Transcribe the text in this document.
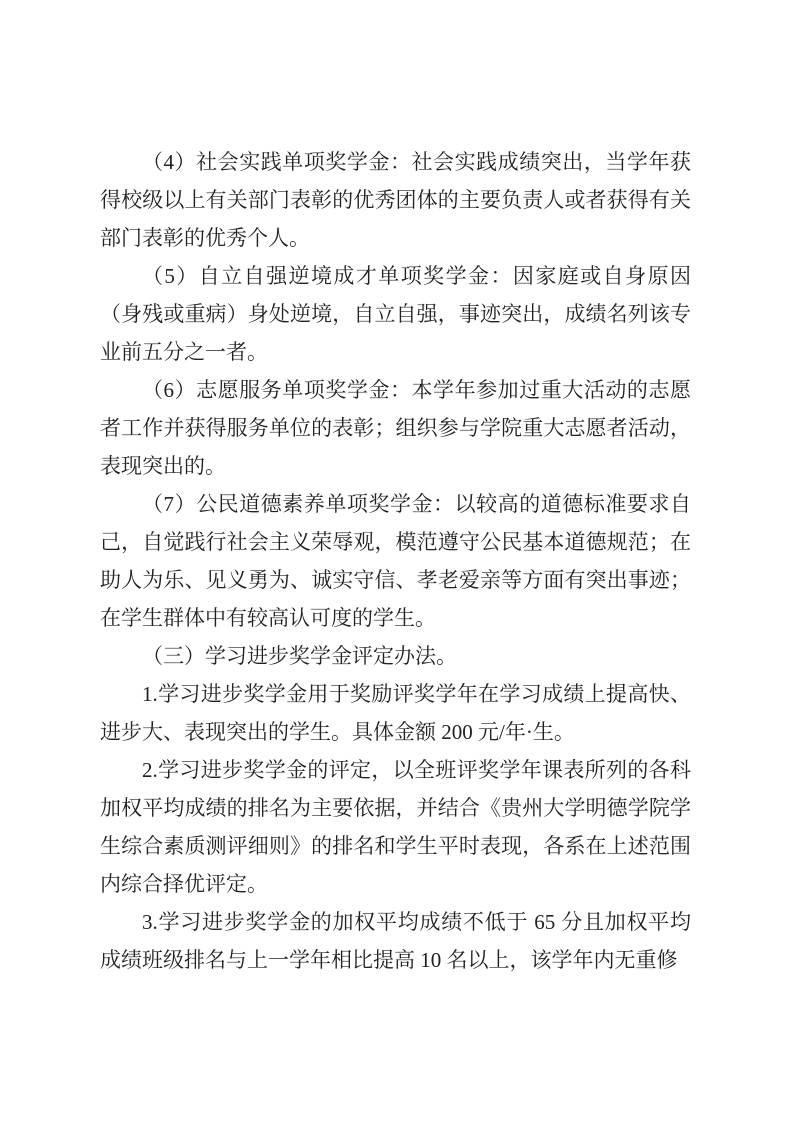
（4）社会实践单项奖学金：社会实践成绩突出，当学年获得校级以上有关部门表彰的优秀团体的主要负责人或者获得有关部门表彰的优秀个人。

（5）自立自强逆境成才单项奖学金：因家庭或自身原因（身残或重病）身处逆境，自立自强，事迹突出，成绩名列该专业前五分之一者。

（6）志愿服务单项奖学金：本学年参加过重大活动的志愿者工作并获得服务单位的表彰；组织参与学院重大志愿者活动，表现突出的。

（7）公民道德素养单项奖学金：以较高的道德标准要求自己，自觉践行社会主义荣辱观，模范遵守公民基本道德规范；在助人为乐、见义勇为、诚实守信、孝老爱亲等方面有突出事迹；在学生群体中有较高认可度的学生。

（三）学习进步奖学金评定办法。

1.学习进步奖学金用于奖励评奖学年在学习成绩上提高快、进步大、表现突出的学生。具体金额 200 元/年·生。

2.学习进步奖学金的评定，以全班评奖学年课表所列的各科加权平均成绩的排名为主要依据，并结合《贵州大学明德学院学生综合素质测评细则》的排名和学生平时表现，各系在上述范围内综合择优评定。

3.学习进步奖学金的加权平均成绩不低于 65 分且加权平均成绩班级排名与上一学年相比提高 10 名以上，该学年内无重修
